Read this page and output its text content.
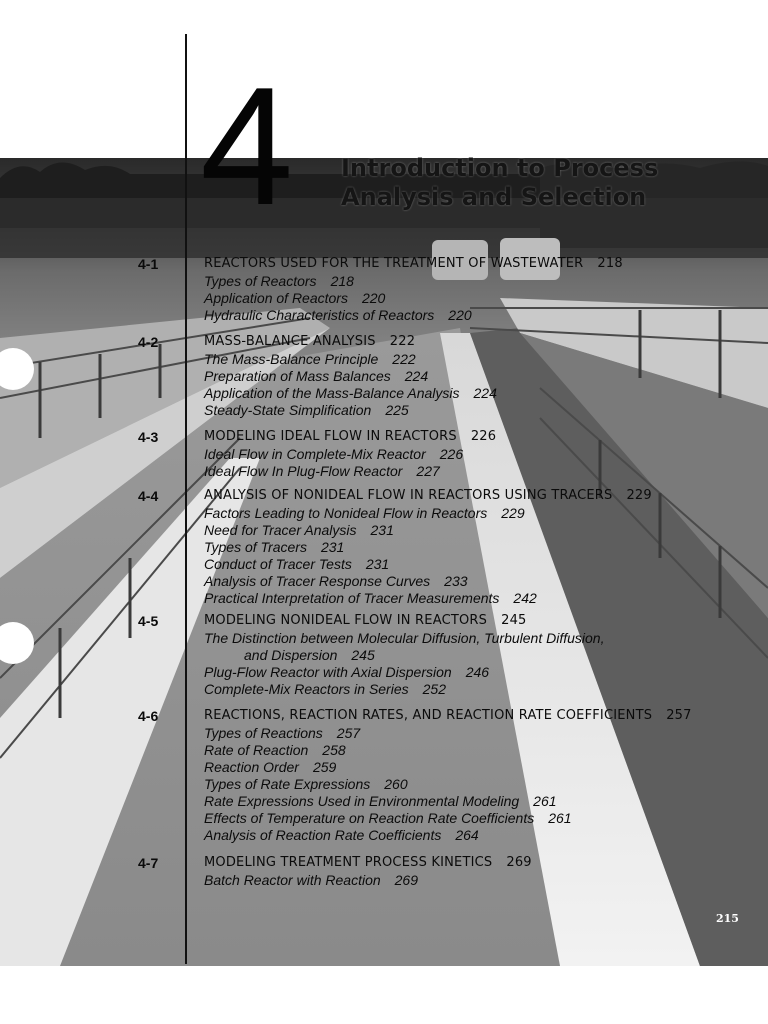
4 Introduction to Process
Analysis and Selection
4-1	REACTORS USED FOR THE TREATMENT OF WASTEWATER 218
Types of Reactors 218
Application of Reactors 220
Hydraulic Characteristics of Reactors 220
4-2	MASS-BALANCE ANALYSIS 222
The Mass-Balance Principle 222
Preparation of Mass Balances 224
Application of the Mass-Balance Analysis 224
Steady-State Simplification 225
4-3	MODELING IDEAL FLOW IN REACTORS 226
Ideal Flow in Complete-Mix Reactor 226
Ideal Flow In Plug-Flow Reactor 227
4-4	ANALYSIS OF NONIDEAL FLOW IN REACTORS USING TRACERS 229
Factors Leading to Nonideal Flow in Reactors 229
Need for Tracer Analysis 231
Types of Tracers 231
Conduct of Tracer Tests 231
Analysis of Tracer Response Curves 233
Practical Interpretation of Tracer Measurements 242
4-5	MODELING NONIDEAL FLOW IN REACTORS 245
The Distinction between Molecular Diffusion, Turbulent Diffusion,
and Dispersion 245
Plug-Flow Reactor with Axial Dispersion 246
Complete-Mix Reactors in Series 252
4-6	REACTIONS, REACTION RATES, AND REACTION RATE COEFFICIENTS 257
Types of Reactions 257
Rate of Reaction 258
Reaction Order 259
Types of Rate Expressions 260
Rate Expressions Used in Environmental Modeling 261
Effects of Temperature on Reaction Rate Coefficients 261
Analysis of Reaction Rate Coefficients 264
4-7	MODELING TREATMENT PROCESS KINETICS 269
Batch Reactor with Reaction 269
215
